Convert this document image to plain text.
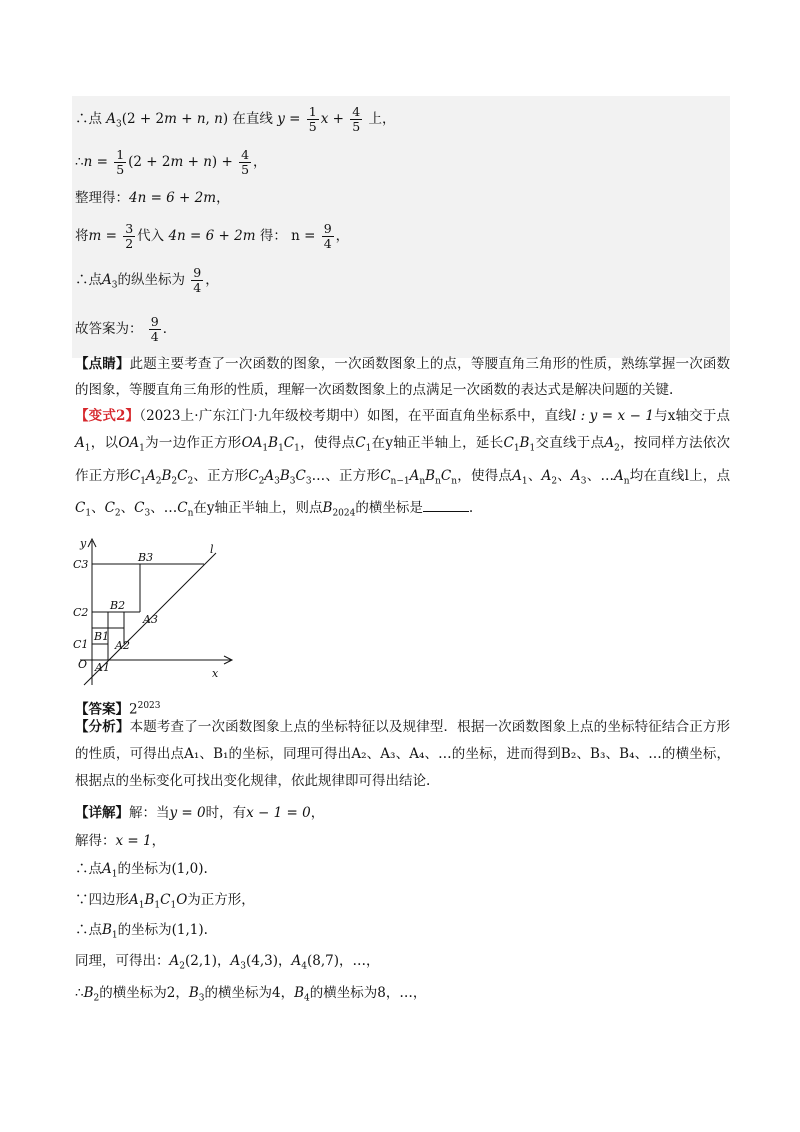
∴点 $A_3(2 + 2m + n$, n) 在直线 $y = \frac{1}{5}$ $x + \frac{4}{5}$ 上，
∴n = $\frac{1}{5} (2 + 2m + n) + \frac{4}{5}$ ，
整理得：4n = 6 + 2m，
将$m = \frac{3}{2}$ 代入 4n = 6 + 2m 得： $n = \frac{9}{4}$ ，
∴点$A_3$的纵坐标为 $\frac{9}{4}$ ，
故答案为： $\frac{9}{4}$ ．
【点睛】此题主要考查了一次函数的图象，一次函数图象上的点，等腰直角三角形的性质，熟练掌握一次函数的图象，等腰直角三角形的性质，理解一次函数图象上的点满足一次函数的表达式是解决问题的关键.
【变式2】（2023上·广东江门·九年级校考期中）如图，在平面直角坐标系中，直线l : y = x − 1与x轴交于点$A_1$，以$OA_1$为一边作正方形$OA_1B_1C_1$，使得点$C_1$在y轴正半轴上，延长$C_1B_1$交直线于点$A_2$，按同样方法依次作正方形$C_1A_2B_2C_2$、正方形$C_2A_3B_3C_3\dots$、正方形$C_{n-1}A_nB_nC_n$，使得点$A_1$、$A_2$、$A_3$、$\dots A_n$均在直线l上，点$C_1$、$C_2$、$C_3$、$\dots C_n$在y轴正半轴上，则点$B_{2024}$的横坐标是	.
y
x
l
O A1
A2
A3
B1
B2
B3
C1
C2
C3
【答案】$2^{2023}$
【分析】本题考查了一次函数图象上点的坐标特征以及规律型．根据一次函数图象上点的坐标特征结合正方形的性质，可得出点A₁、B₁的坐标，同理可得出A₂、A₃、A₄、…的坐标，进而得到B₂、B₃、B₄、…的横坐标，根据点的坐标变化可找出变化规律，依此规律即可得出结论.
【详解】解：当y = 0时，有x − 1 = 0，
解得：x = 1，
∴点$A_1$的坐标为(1,0).
∵四边形$A_1B_1C_1O$为正方形，
∴点$B_1$的坐标为(1,1).
同理，可得出：$A_2(2,1)$，$A_3(4,3)$，$A_4(8,7)$，…，
$\therefore B_2$的横坐标为2，$B_3$的横坐标为4，$B_4$的横坐标为8，…，
